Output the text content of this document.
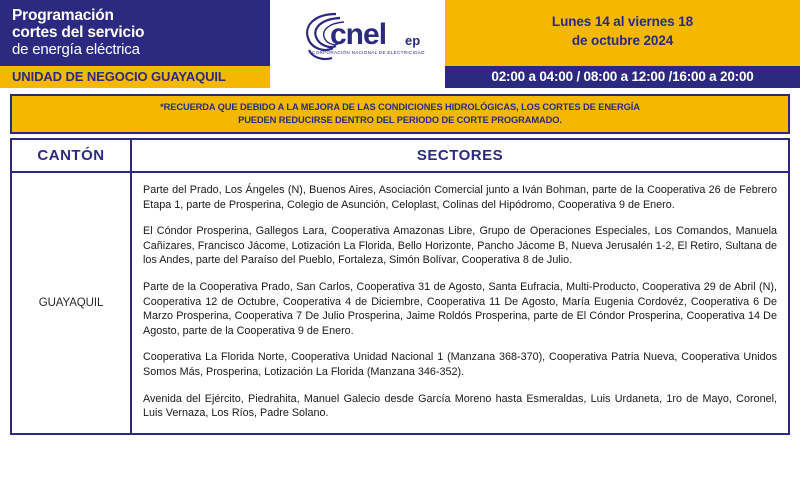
Programación
cortes del servicio
de energía eléctrica
UNIDAD DE NEGOCIO GUAYAQUIL
cnel ep
CORPORACIÓN NACIONAL DE ELECTRICIDAD
Lunes 14 al viernes 18
de octubre 2024
02:00 a 04:00 / 08:00 a 12:00 /16:00 a 20:00
*RECUERDA QUE DEBIDO A LA MEJORA DE LAS CONDICIONES HIDROLÓGICAS, LOS CORTES DE ENERGÍA
PUEDEN REDUCIRSE DENTRO DEL PERIODO DE CORTE PROGRAMADO.
CANTÓN	SECTORES
GUAYAQUIL	Parte del Prado, Los Ángeles (N), Buenos Aires, Asociación Comercial junto a Iván Bohman, parte de la Cooperativa 26 de Febrero Etapa 1, parte de Prosperina, Colegio de Asunción, Celoplast, Colinas del Hipódromo, Cooperativa 9 de Enero.

El Cóndor Prosperina, Gallegos Lara, Cooperativa Amazonas Libre, Grupo de Operaciones Especiales, Los Comandos, Manuela Cañizares, Francisco Jácome, Lotización La Florida, Bello Horizonte, Pancho Jácome B, Nueva Jerusalén 1-2, El Retiro, Sultana de los Andes, parte del Paraíso del Pueblo, Fortaleza, Simón Bolívar, Cooperativa 8 de Julio.

Parte de la Cooperativa Prado, San Carlos, Cooperativa 31 de Agosto, Santa Eufracia, Multi-Producto, Cooperativa 29 de Abril (N), Cooperativa 12 de Octubre, Cooperativa 4 de Diciembre, Cooperativa 11 De Agosto, María Eugenia Cordovéz, Cooperativa 6 De Marzo Prosperina, Cooperativa 7 De Julio Prosperina, Jaime Roldós Prosperina, parte de El Cóndor Prosperina, Cooperativa 14 De Agosto, parte de la Cooperativa 9 de Enero.

Cooperativa La Florida Norte, Cooperativa Unidad Nacional 1 (Manzana 368-370), Cooperativa Patria Nueva, Cooperativa Unidos Somos Más, Prosperina, Lotización La Florida (Manzana 346-352).

Avenida del Ejército, Piedrahita, Manuel Galecio desde García Moreno hasta Esmeraldas, Luis Urdaneta, 1ro de Mayo, Coronel, Luis Vernaza, Los Ríos, Padre Solano.
